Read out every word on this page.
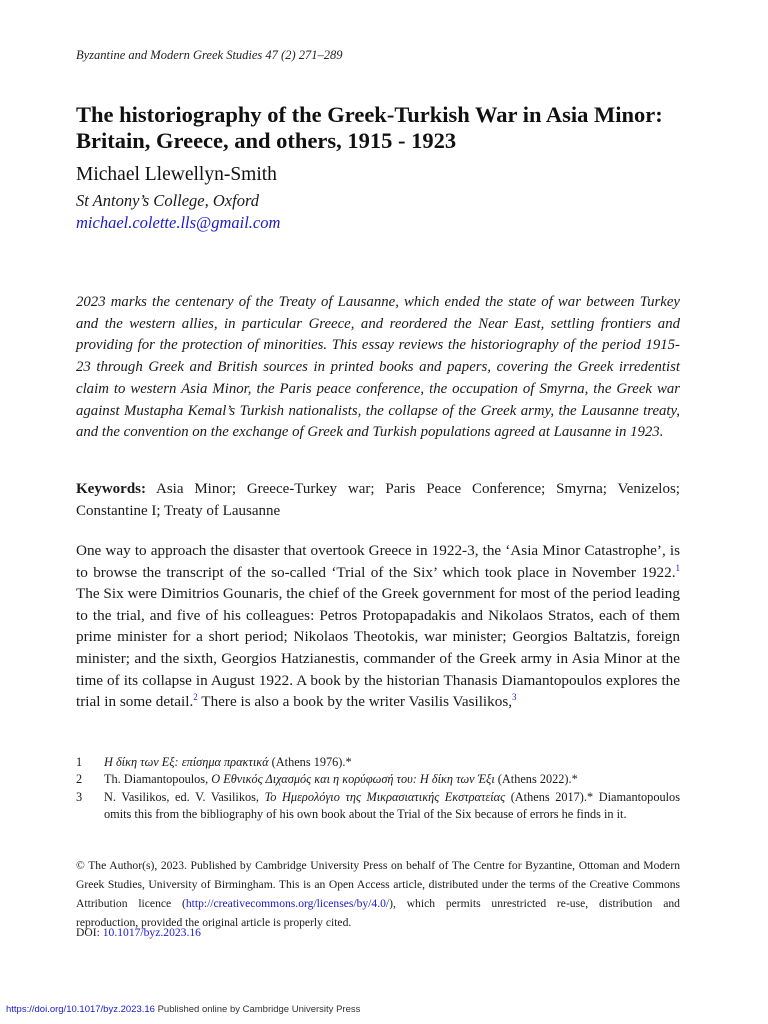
Byzantine and Modern Greek Studies 47 (2) 271–289
The historiography of the Greek-Turkish War in Asia Minor: Britain, Greece, and others, 1915 - 1923
Michael Llewellyn-Smith
St Antony’s College, Oxford
michael.colette.lls@gmail.com
2023 marks the centenary of the Treaty of Lausanne, which ended the state of war between Turkey and the western allies, in particular Greece, and reordered the Near East, settling frontiers and providing for the protection of minorities. This essay reviews the historiography of the period 1915-23 through Greek and British sources in printed books and papers, covering the Greek irredentist claim to western Asia Minor, the Paris peace conference, the occupation of Smyrna, the Greek war against Mustapha Kemal’s Turkish nationalists, the collapse of the Greek army, the Lausanne treaty, and the convention on the exchange of Greek and Turkish populations agreed at Lausanne in 1923.
Keywords: Asia Minor; Greece-Turkey war; Paris Peace Conference; Smyrna; Venizelos; Constantine I; Treaty of Lausanne
One way to approach the disaster that overtook Greece in 1922-3, the ‘Asia Minor Catastrophe’, is to browse the transcript of the so-called ‘Trial of the Six’ which took place in November 1922.$^1$ The Six were Dimitrios Gounaris, the chief of the Greek government for most of the period leading to the trial, and five of his colleagues: Petros Protopapadakis and Nikolaos Stratos, each of them prime minister for a short period; Nikolaos Theotokis, war minister; Georgios Baltatzis, foreign minister; and the sixth, Georgios Hatzianestis, commander of the Greek army in Asia Minor at the time of its collapse in August 1922. A book by the historian Thanasis Diamantopoulos explores the trial in some detail.$^2$ There is also a book by the writer Vasilis Vasilikos,$^3$
1	Η δίκη των Εξ: επίσημα πρακτικά (Athens 1976).*
2	Th. Diamantopoulos, Ο Εθνικός Διχασμός και η κορύφωσή του: Η δίκη των Έξι (Athens 2022).*
3	N. Vasilikos, ed. V. Vasilikos, Το Ημερολόγιο της Μικρασιατικής Εκστρατείας (Athens 2017).* Diamantopoulos omits this from the bibliography of his own book about the Trial of the Six because of errors he finds in it.
© The Author(s), 2023. Published by Cambridge University Press on behalf of The Centre for Byzantine, Ottoman and Modern Greek Studies, University of Birmingham. This is an Open Access article, distributed under the terms of the Creative Commons Attribution licence (http://creativecommons.org/licenses/by/4.0/), which permits unrestricted re-use, distribution and reproduction, provided the original article is properly cited.
DOI: 10.1017/byz.2023.16
https://doi.org/10.1017/byz.2023.16 Published online by Cambridge University Press
